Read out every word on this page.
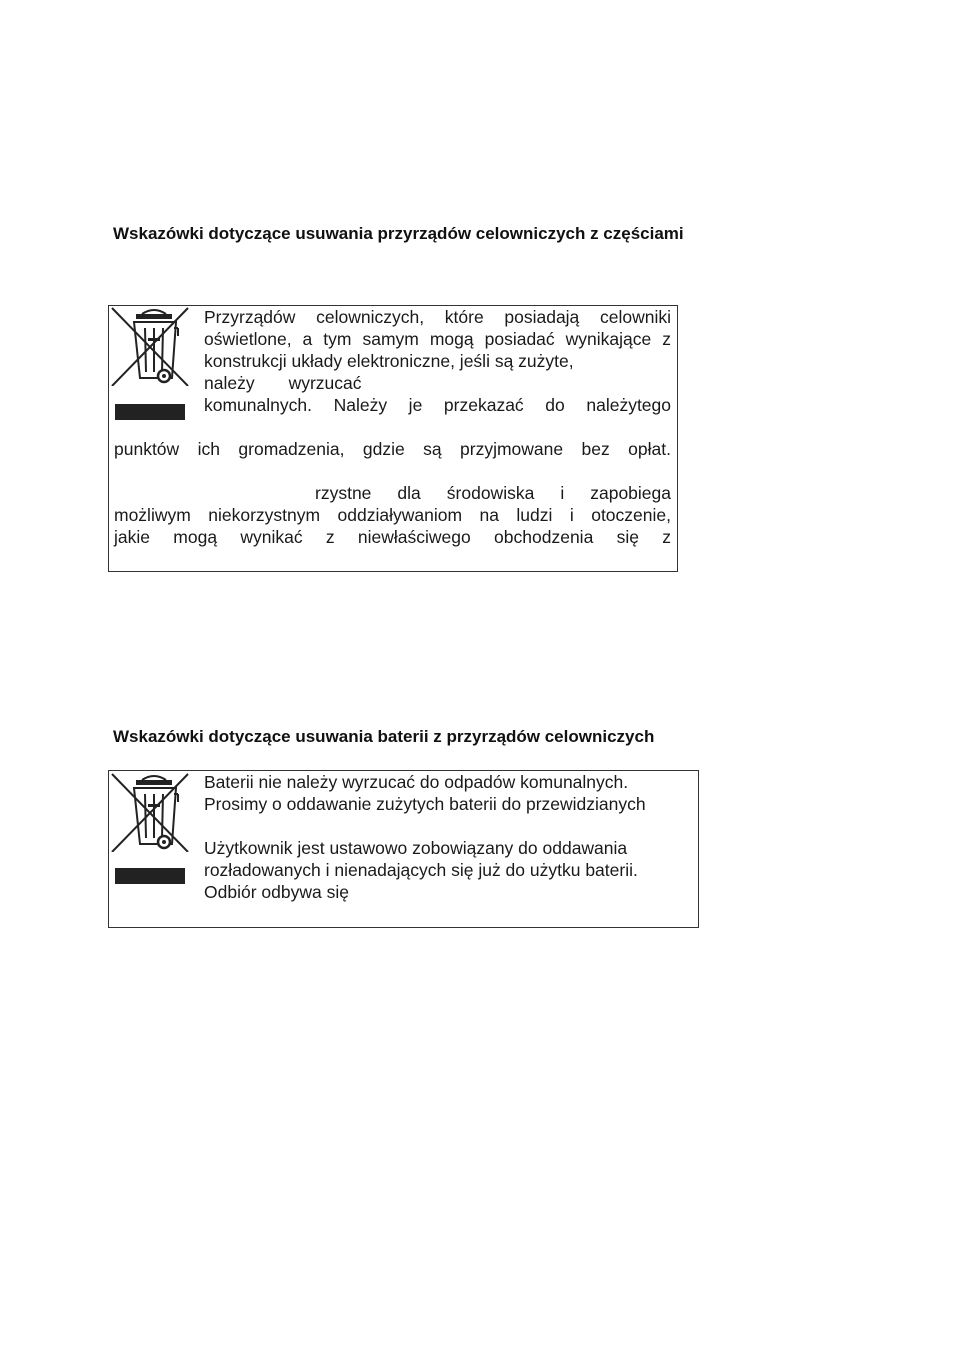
Wskazówki dotyczące usuwania przyrządów celowniczych z częściami

Przyrządów celowniczych, które posiadają celowniki

oświetlone, a tym samym mogą posiadać wynikające z

konstrukcji układy elektroniczne, jeśli są zużyte,

należy wyrzucać

komunalnych. Należy je przekazać do należytego

punktów ich gromadzenia, gdzie są przyjmowane bez opłat.

rzystne dla środowiska i zapobiega

możliwym niekorzystnym oddziaływaniom na ludzi i otoczenie,

jakie mogą wynikać z niewłaściwego obchodzenia się z

Wskazówki dotyczące usuwania baterii z przyrządów celowniczych

Baterii nie należy wyrzucać do odpadów komunalnych.

Prosimy o oddawanie zużytych baterii do przewidzianych

Użytkownik jest ustawowo zobowiązany do oddawania

rozładowanych i nienadających się już do użytku baterii.

Odbiór odbywa się
